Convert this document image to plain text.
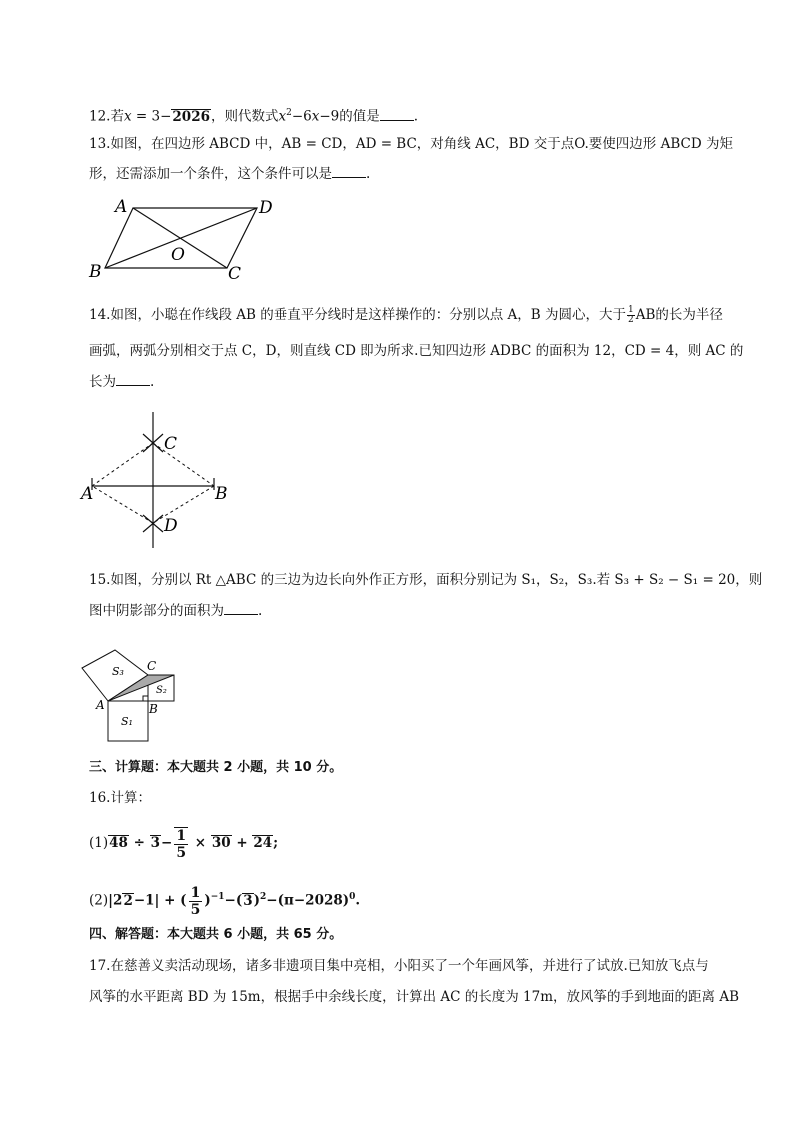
12.若x = 3−2026，则代数式$x^2-6x-9$的值是	.
13.如图，在四边形 ABCD 中，AB = CD，AD = BC，对角线 AC，BD 交于点O.要使四边形 ABCD 为矩
形，还需添加一个条件，这个条件可以是	.
A	D
B	C
O
14.如图，小聪在作线段 AB 的垂直平分线时是这样操作的：分别以点 A，B 为圆心，大于 $\frac{1}{2}$ AB的长为半径
画弧，两弧分别相交于点 C，D，则直线 CD 即为所求.已知四边形 ADBC 的面积为 12，CD = 4，则 AC 的
长为	.
C
A	B
D
15.如图，分别以 Rt △ABC 的三边为边长向外作正方形，面积分别记为 S₁，S₂，S₃.若 S₃ + S₂ − S₁ = 20，则
图中阴影部分的面积为	.
S₃
S₂
S₁
A	B
C
三、计算题：本大题共 2 小题，共 10 分。
16.计算：
$(1)48 \div 3- \frac{1}{5} \times 30 + 24$;
(2)|22−1| + ( $\frac{1}{5} )^{-1}-(3)^2-(\pi-2028)^0$.
四、解答题：本大题共 6 小题，共 65 分。
17.在慈善义卖活动现场，诸多非遗项目集中亮相，小阳买了一个年画风筝，并进行了试放.已知放飞点与
风筝的水平距离 BD 为 15m，根据手中余线长度，计算出 AC 的长度为 17m，放风筝的手到地面的距离 AB
